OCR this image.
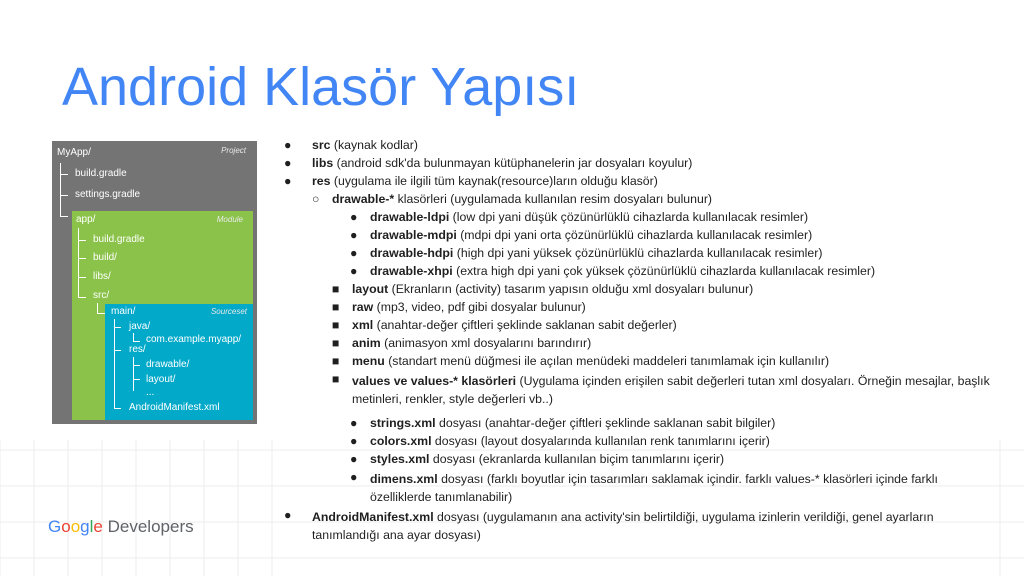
Android Klasör Yapısı
MyApp/	Project
build.gradle
settings.gradle
app/	Module
build.gradle
build/
libs/
src/
main/	Sourceset
java/
com.example.myapp/
res/
drawable/
layout/
...
AndroidManifest.xml
● src (kaynak kodlar)
● libs (android sdk'da bulunmayan kütüphanelerin jar dosyaları koyulur)
● res (uygulama ile ilgili tüm kaynak(resource)ların olduğu klasör)
○ drawable-* klasörleri (uygulamada kullanılan resim dosyaları bulunur)
● drawable-ldpi (low dpi yani düşük çözünürlüklü cihazlarda kullanılacak resimler)
● drawable-mdpi (mdpi dpi yani orta çözünürlüklü cihazlarda kullanılacak resimler)
● drawable-hdpi (high dpi yani yüksek çözünürlüklü cihazlarda kullanılacak resimler)
● drawable-xhpi (extra high dpi yani çok yüksek çözünürlüklü cihazlarda kullanılacak resimler)
■ layout (Ekranların (activity) tasarım yapısın olduğu xml dosyaları bulunur)
■ raw (mp3, video, pdf gibi dosyalar bulunur)
■ xml (anahtar-değer çiftleri şeklinde saklanan sabit değerler)
■ anim (animasyon xml dosyalarını barındırır)
■ menu (standart menü düğmesi ile açılan menüdeki maddeleri tanımlamak için kullanılır)
■ values ve values-* klasörleri (Uygulama içinden erişilen sabit değerleri tutan xml dosyaları. Örneğin mesajlar, başlık metinleri, renkler, style değerleri vb..)
● strings.xml dosyası (anahtar-değer çiftleri şeklinde saklanan sabit bilgiler)
● colors.xml dosyası (layout dosyalarında kullanılan renk tanımlarını içerir)
● styles.xml dosyası (ekranlarda kullanılan biçim tanımlarını içerir)
● dimens.xml dosyası (farklı boyutlar için tasarımları saklamak içindir. farklı values-* klasörleri içinde farklı özelliklerde tanımlanabilir)
● AndroidManifest.xml dosyası (uygulamanın ana activity'sin belirtildiği, uygulama izinlerin verildiği, genel ayarların tanımlandığı ana ayar dosyası)
Google Developers
